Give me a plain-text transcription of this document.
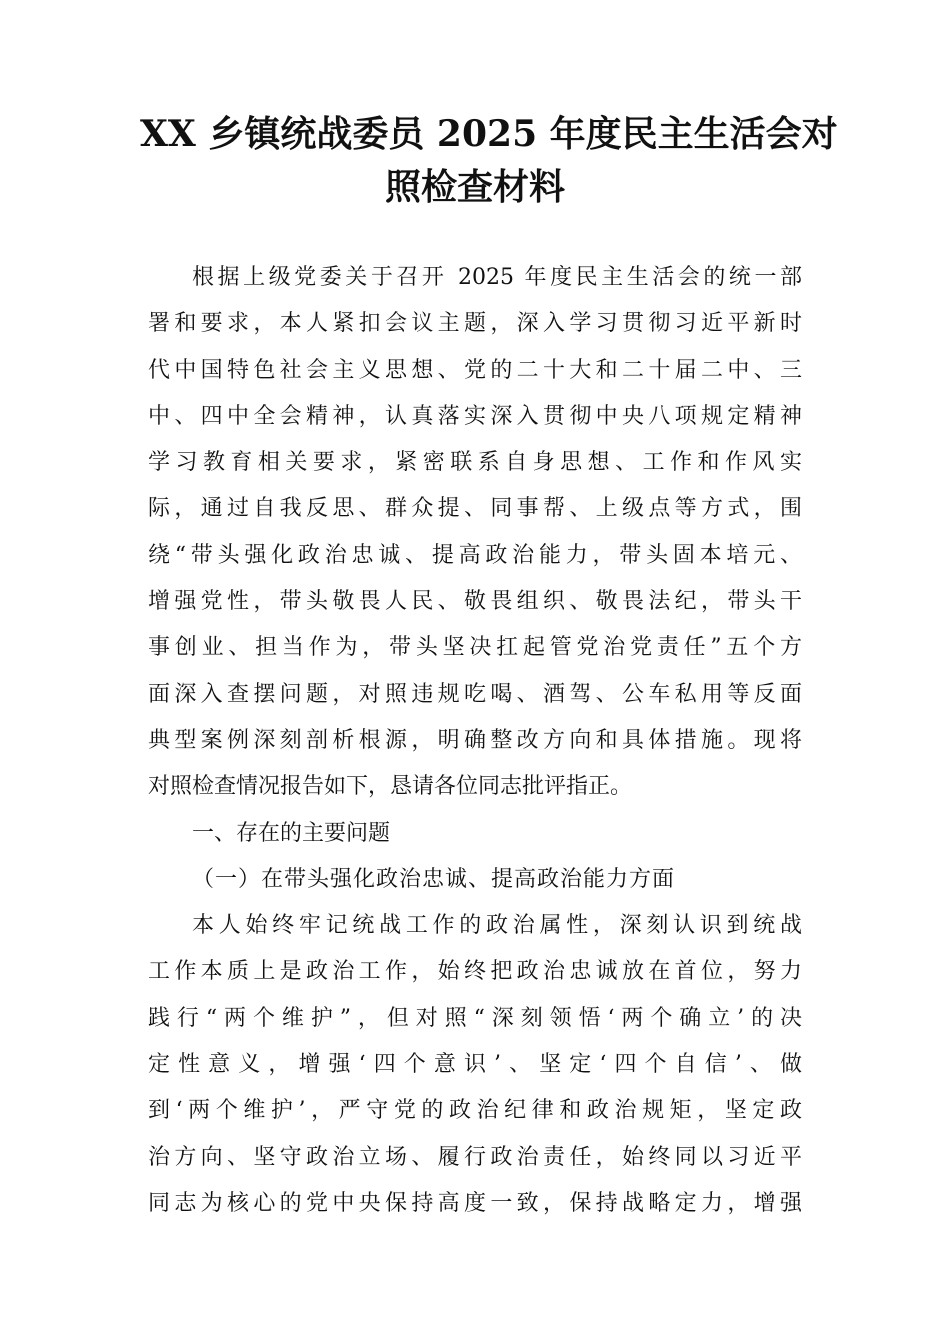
XX 乡镇统战委员 2025 年度民主生活会对
照检查材料
根据上级党委关于召开 2025 年度民主生活会的统一部
署和要求，本人紧扣会议主题，深入学习贯彻习近平新时
代中国特色社会主义思想、党的二十大和二十届二中、三
中、四中全会精神，认真落实深入贯彻中央八项规定精神
学习教育相关要求，紧密联系自身思想、工作和作风实
际，通过自我反思、群众提、同事帮、上级点等方式，围
绕“带头强化政治忠诚、提高政治能力，带头固本培元、
增强党性，带头敬畏人民、敬畏组织、敬畏法纪，带头干
事创业、担当作为，带头坚决扛起管党治党责任”五个方
面深入查摆问题，对照违规吃喝、酒驾、公车私用等反面
典型案例深刻剖析根源，明确整改方向和具体措施。现将
对照检查情况报告如下，恳请各位同志批评指正。
一、存在的主要问题
（一）在带头强化政治忠诚、提高政治能力方面
本人始终牢记统战工作的政治属性，深刻认识到统战
工作本质上是政治工作，始终把政治忠诚放在首位，努力
践行“两个维护”，但对照“深刻领悟‘两个确立’的决
定性意义，增强‘四个意识’、坚定‘四个自信’、做
到‘两个维护’，严守党的政治纪律和政治规矩，坚定政
治方向、坚守政治立场、履行政治责任，始终同以习近平
同志为核心的党中央保持高度一致，保持战略定力，增强
